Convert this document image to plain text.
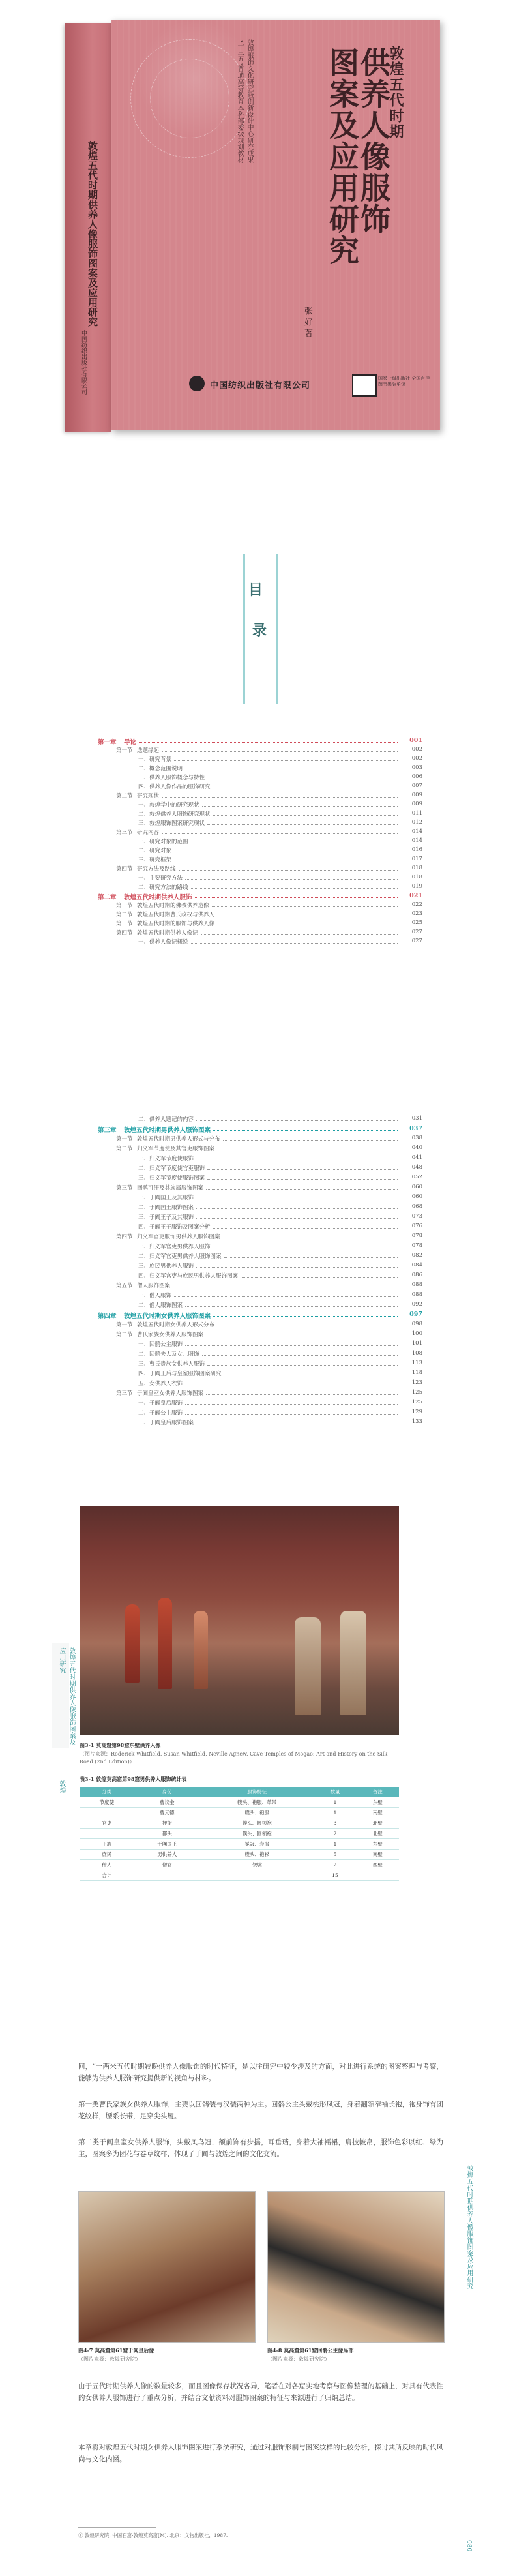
敦煌五代时期供养人像服饰图案及应用研究
中国纺织出版社有限公司
“十三五”普通高等教育本科部委级规划教材 敦煌服饰文化研究暨创新设计中心研究成果	敦煌五代时期
供养人像服饰
图案及应用研究
张 好 著
中国纺织出版社有限公司
国家一级出版社 全国百佳图书出版单位
目
录
第一章 导论	001
第一节 选题缘起	002
一、研究背景	002
二、概念范围说明	003
三、供养人服饰概念与特性	006
四、供养人像作品的服饰研究	007
第二节 研究现状	009
一、敦煌学中的研究现状	009
二、敦煌供养人服饰研究现状	011
三、敦煌服饰图案研究现状	012
第三节 研究内容	014
一、研究对象的范围	014
二、研究对象	016
三、研究框架	017
第四节 研究方法及路线	018
一、主要研究方法	018
二、研究方法的路线	019
第二章 敦煌五代时期供养人服饰	021
第一节 敦煌五代时期的佛教供养造像	022
第二节 敦煌五代时期曹氏政权与供养人	023
第三节 敦煌五代时期的服饰与供养人像	025
第四节 敦煌五代时期供养人像记	027
一、供养人像记概说	027
二、供养人题记的内容	031
第三章 敦煌五代时期男供养人服饰图案	037
第一节 敦煌五代时期男供养人形式与分布	038
第二节 归义军节度使及其官吏服饰图案	040
一、归义军节度使服饰	041
二、归义军节度使官吏服饰	048
三、归义军节度使服饰图案	052
第三节 回鹘可汗及其族属服饰图案	060
一、于阗国王及其服饰	060
二、于阗国王服饰图案	068
三、于阗王子及其服饰	073
四、于阗王子服饰及图案分析	076
第四节 归义军官吏服饰男供养人服饰图案	078
一、归义军官吏男供养人服饰	078
二、归义军官吏男供养人服饰图案	082
三、庶民男供养人服饰	084
四、归义军宫吏与庶民男供养人服饰图案	086
第五节 僧人服饰图案	088
一、僧人服饰	088
二、僧人服饰图案	092
第四章 敦煌五代时期女供养人服饰图案	097
第一节 敦煌五代时期女供养人形式分布	098
第二节 曹氏家族女供养人服饰图案	100
一、回鹘公主服饰	101
二、回鹘夫人及女儿服饰	108
三、曹氏贵族女供养人服饰	113
四、于阗王后与皇室服饰图案研究	118
五、女供养人衣饰	123
第三节 于阗皇室女供养人服饰图案	125
一、于阗皇后服饰	125
二、于阗公主服饰	129
三、于阗皇后服饰图案	133
敦煌五代时期供养人像服饰图案及应用研究
敦煌
图3-1 莫高窟第98窟东壁供养人像
（图片来源：Roderick Whitfield. Susan Whitfield, Neville Agnew. Cave Temples of Mogao: Art and History on the Silk Road (2nd Edition)）
表3-1 敦煌莫高窟第98窟男供养人服饰统计表
分类	身份	服饰特征	数量	备注
节度使	曹议金	幞头、袍服、革带	1	东壁
	曹元德	幞头、袍服	1	南壁
官吏	押衙	幞头、圆领袍	3	北壁
	都头	幞头、圆领袍	2	北壁
王族	于阗国王	冕冠、衮服	1	东壁
庶民	男供养人	幞头、袍衫	5	南壁
僧人	僧官	袈裟	2	西壁
合计			15	
回，“一两米五代时期较晚供养人像服饰的时代特征，是以往研究中较少涉及的方面，对此进行系统的图案整理与考察，能够为供养人服饰研究提供新的视角与材料。
第一类曹氏家族女供养人服饰，主要以回鹘装与汉装两种为主。回鹘公主头戴桃形凤冠，身着翻领窄袖长袍，袍身饰有团花纹样，腰系长带，足穿尖头履。
第二类于阗皇室女供养人服饰，头戴凤鸟冠，额前饰有步摇，耳垂珰，身着大袖襦裙，肩披帔帛，服饰色彩以红、绿为主，图案多为团花与卷草纹样，体现了于阗与敦煌之间的文化交流。
图4-7 莫高窟第61窟于阗皇后像
（图片来源：敦煌研究院）
图4-8 莫高窟第61窟回鹘公主像局部
（图片来源：敦煌研究院）
由于五代时期供养人像的数量较多，而且图像保存状况各异，笔者在对各窟实地考察与图像整理的基础上，对具有代表性的女供养人服饰进行了重点分析，并结合文献资料对服饰图案的特征与来源进行了归纳总结。
本章将对敦煌五代时期女供养人服饰图案进行系统研究，通过对服饰形制与图案纹样的比较分析，探讨其所反映的时代风尚与文化内涵。
① 敦煌研究院. 中国石窟·敦煌莫高窟[M]. 北京：文物出版社，1987.
敦煌五代时期供养人像服饰图案及应用研究
080
